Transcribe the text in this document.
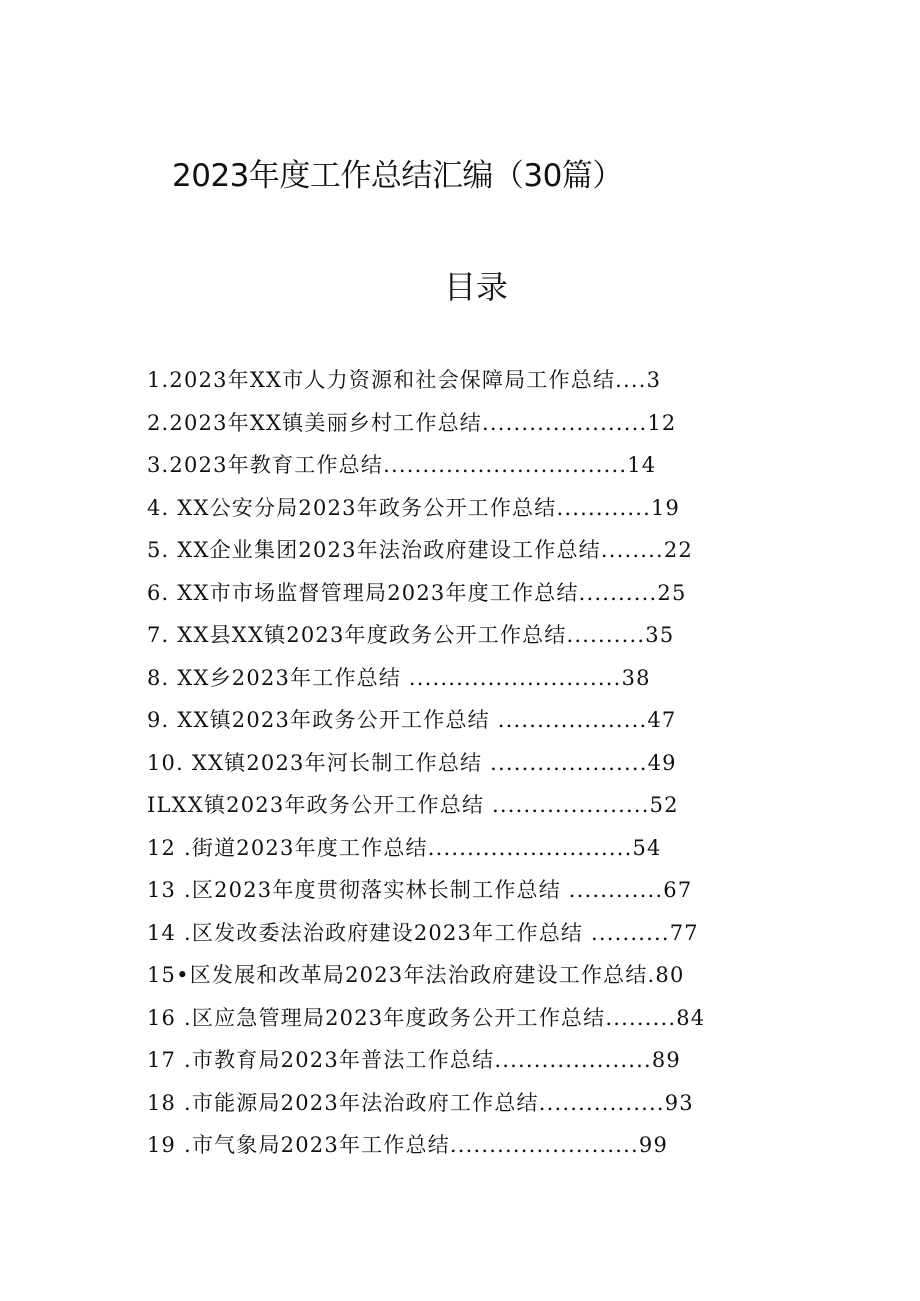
2023年度工作总结汇编（30篇）
目录
1.2023年XX市人力资源和社会保障局工作总结....3
2.2023年XX镇美丽乡村工作总结.....................12
3.2023年教育工作总结...............................14
4. XX公安分局2023年政务公开工作总结............19
5. XX企业集团2023年法治政府建设工作总结........22
6. XX市市场监督管理局2023年度工作总结..........25
7. XX县XX镇2023年度政务公开工作总结..........35
8. XX乡2023年工作总结 ...........................38
9. XX镇2023年政务公开工作总结 ...................47
10. XX镇2023年河长制工作总结 ....................49
ILXX镇2023年政务公开工作总结 ....................52
12 .街道2023年度工作总结..........................54
13 .区2023年度贯彻落实林长制工作总结 ............67
14 .区发改委法治政府建设2023年工作总结 ..........77
15•区发展和改革局2023年法治政府建设工作总结.80
16 .区应急管理局2023年度政务公开工作总结.........84
17 .市教育局2023年普法工作总结....................89
18 .市能源局2023年法治政府工作总结................93
19 .市气象局2023年工作总结........................99
